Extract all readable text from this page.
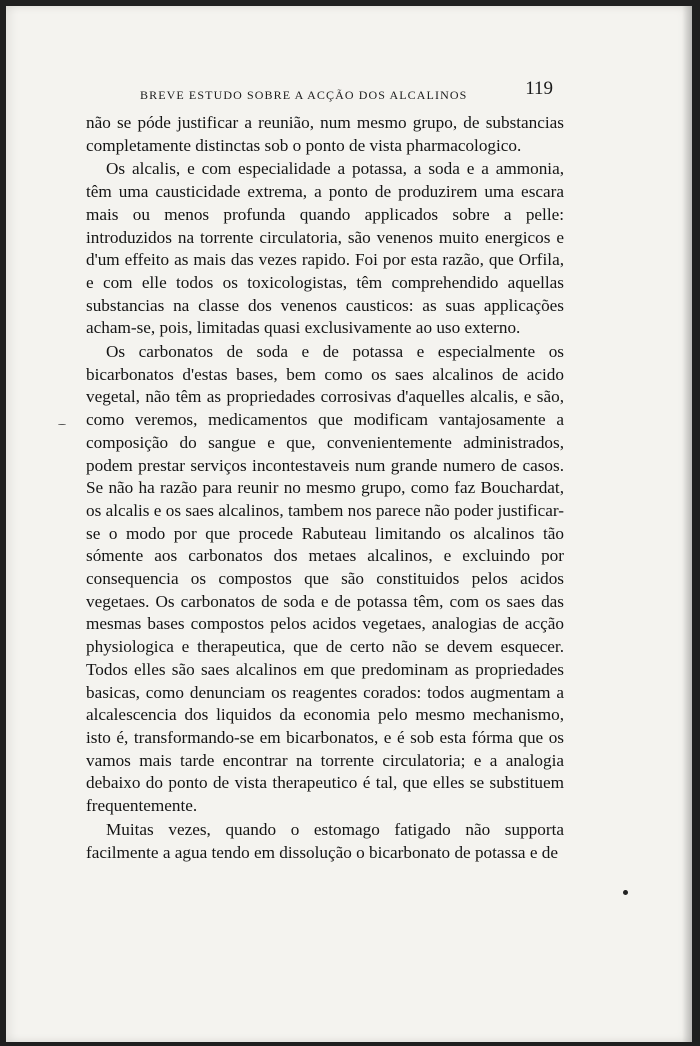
BREVE ESTUDO SOBRE A ACÇÃO DOS ALCALINOS	119

não se póde justificar a reunião, num mesmo grupo, de substancias completamente distinctas sob o ponto de vista pharmacologico.

Os alcalis, e com especialidade a potassa, a soda e a ammonia, têm uma causticidade extrema, a ponto de produzirem uma escara mais ou menos profunda quando applicados sobre a pelle: introduzidos na torrente circulatoria, são venenos muito energicos e d'um effeito as mais das vezes rapido. Foi por esta razão, que Orfila, e com elle todos os toxicologistas, têm comprehendido aquellas substancias na classe dos venenos causticos: as suas applicações acham-se, pois, limitadas quasi exclusivamente ao uso externo.

Os carbonatos de soda e de potassa e especialmente os bicarbonatos d'estas bases, bem como os saes alcalinos de acido vegetal, não têm as propriedades corrosivas d'aquelles alcalis, e são, como veremos, medicamentos que modificam vantajosamente a composição do sangue e que, convenientemente administrados, podem prestar serviços incontestaveis num grande numero de casos. Se não ha razão para reunir no mesmo grupo, como faz Bouchardat, os alcalis e os saes alcalinos, tambem nos parece não poder justificar-se o modo por que procede Rabuteau limitando os alcalinos tão sómente aos carbonatos dos metaes alcalinos, e excluindo por consequencia os compostos que são constituidos pelos acidos vegetaes. Os carbonatos de soda e de potassa têm, com os saes das mesmas bases compostos pelos acidos vegetaes, analogias de acção physiologica e therapeutica, que de certo não se devem esquecer. Todos elles são saes alcalinos em que predominam as propriedades basicas, como denunciam os reagentes corados: todos augmentam a alcalescencia dos liquidos da economia pelo mesmo mechanismo, isto é, transformando-se em bicarbonatos, e é sob esta fórma que os vamos mais tarde encontrar na torrente circulatoria; e a analogia debaixo do ponto de vista therapeutico é tal, que elles se substituem frequentemente.

Muitas vezes, quando o estomago fatigado não supporta facilmente a agua tendo em dissolução o bicarbonato de potassa e de
